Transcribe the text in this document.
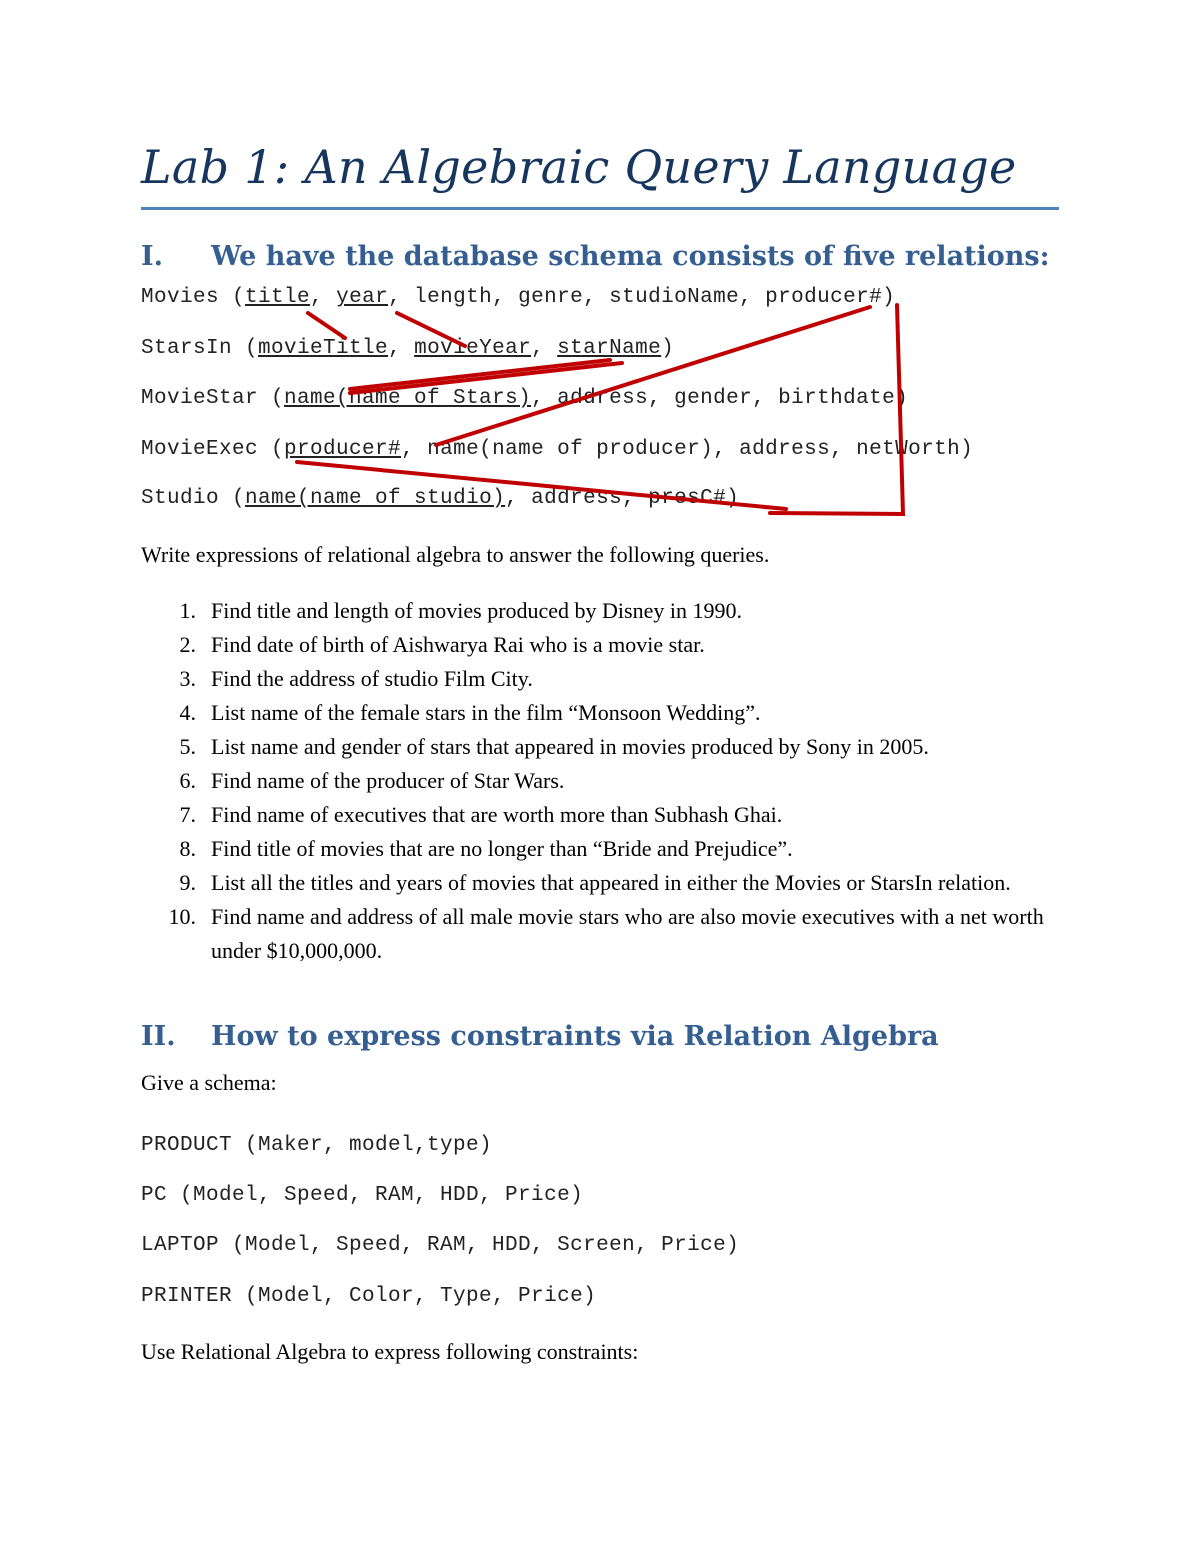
Lab 1: An Algebraic Query Language
I. We have the database schema consists of five relations:

Movies (title, year, length, genre, studioName, producer#)

StarsIn (movieTitle, movieYear, starName)

MovieStar (name(name of Stars), address, gender, birthdate)

MovieExec (producer#, name(name of producer), address, netWorth)

Studio (name(name of studio), address, presC#)

Write expressions of relational algebra to answer the following queries.

1. Find title and length of movies produced by Disney in 1990.
2. Find date of birth of Aishwarya Rai who is a movie star.
3. Find the address of studio Film City.
4. List name of the female stars in the film “Monsoon Wedding”.
5. List name and gender of stars that appeared in movies produced by Sony in 2005.
6. Find name of the producer of Star Wars.
7. Find name of executives that are worth more than Subhash Ghai.
8. Find title of movies that are no longer than “Bride and Prejudice”.
9. List all the titles and years of movies that appeared in either the Movies or StarsIn relation.
10. Find name and address of all male movie stars who are also movie executives with a net worth under $10,000,000.
II. How to express constraints via Relation Algebra

Give a schema:

PRODUCT (Maker, model,type)

PC (Model, Speed, RAM, HDD, Price)

LAPTOP (Model, Speed, RAM, HDD, Screen, Price)

PRINTER (Model, Color, Type, Price)

Use Relational Algebra to express following constraints:
